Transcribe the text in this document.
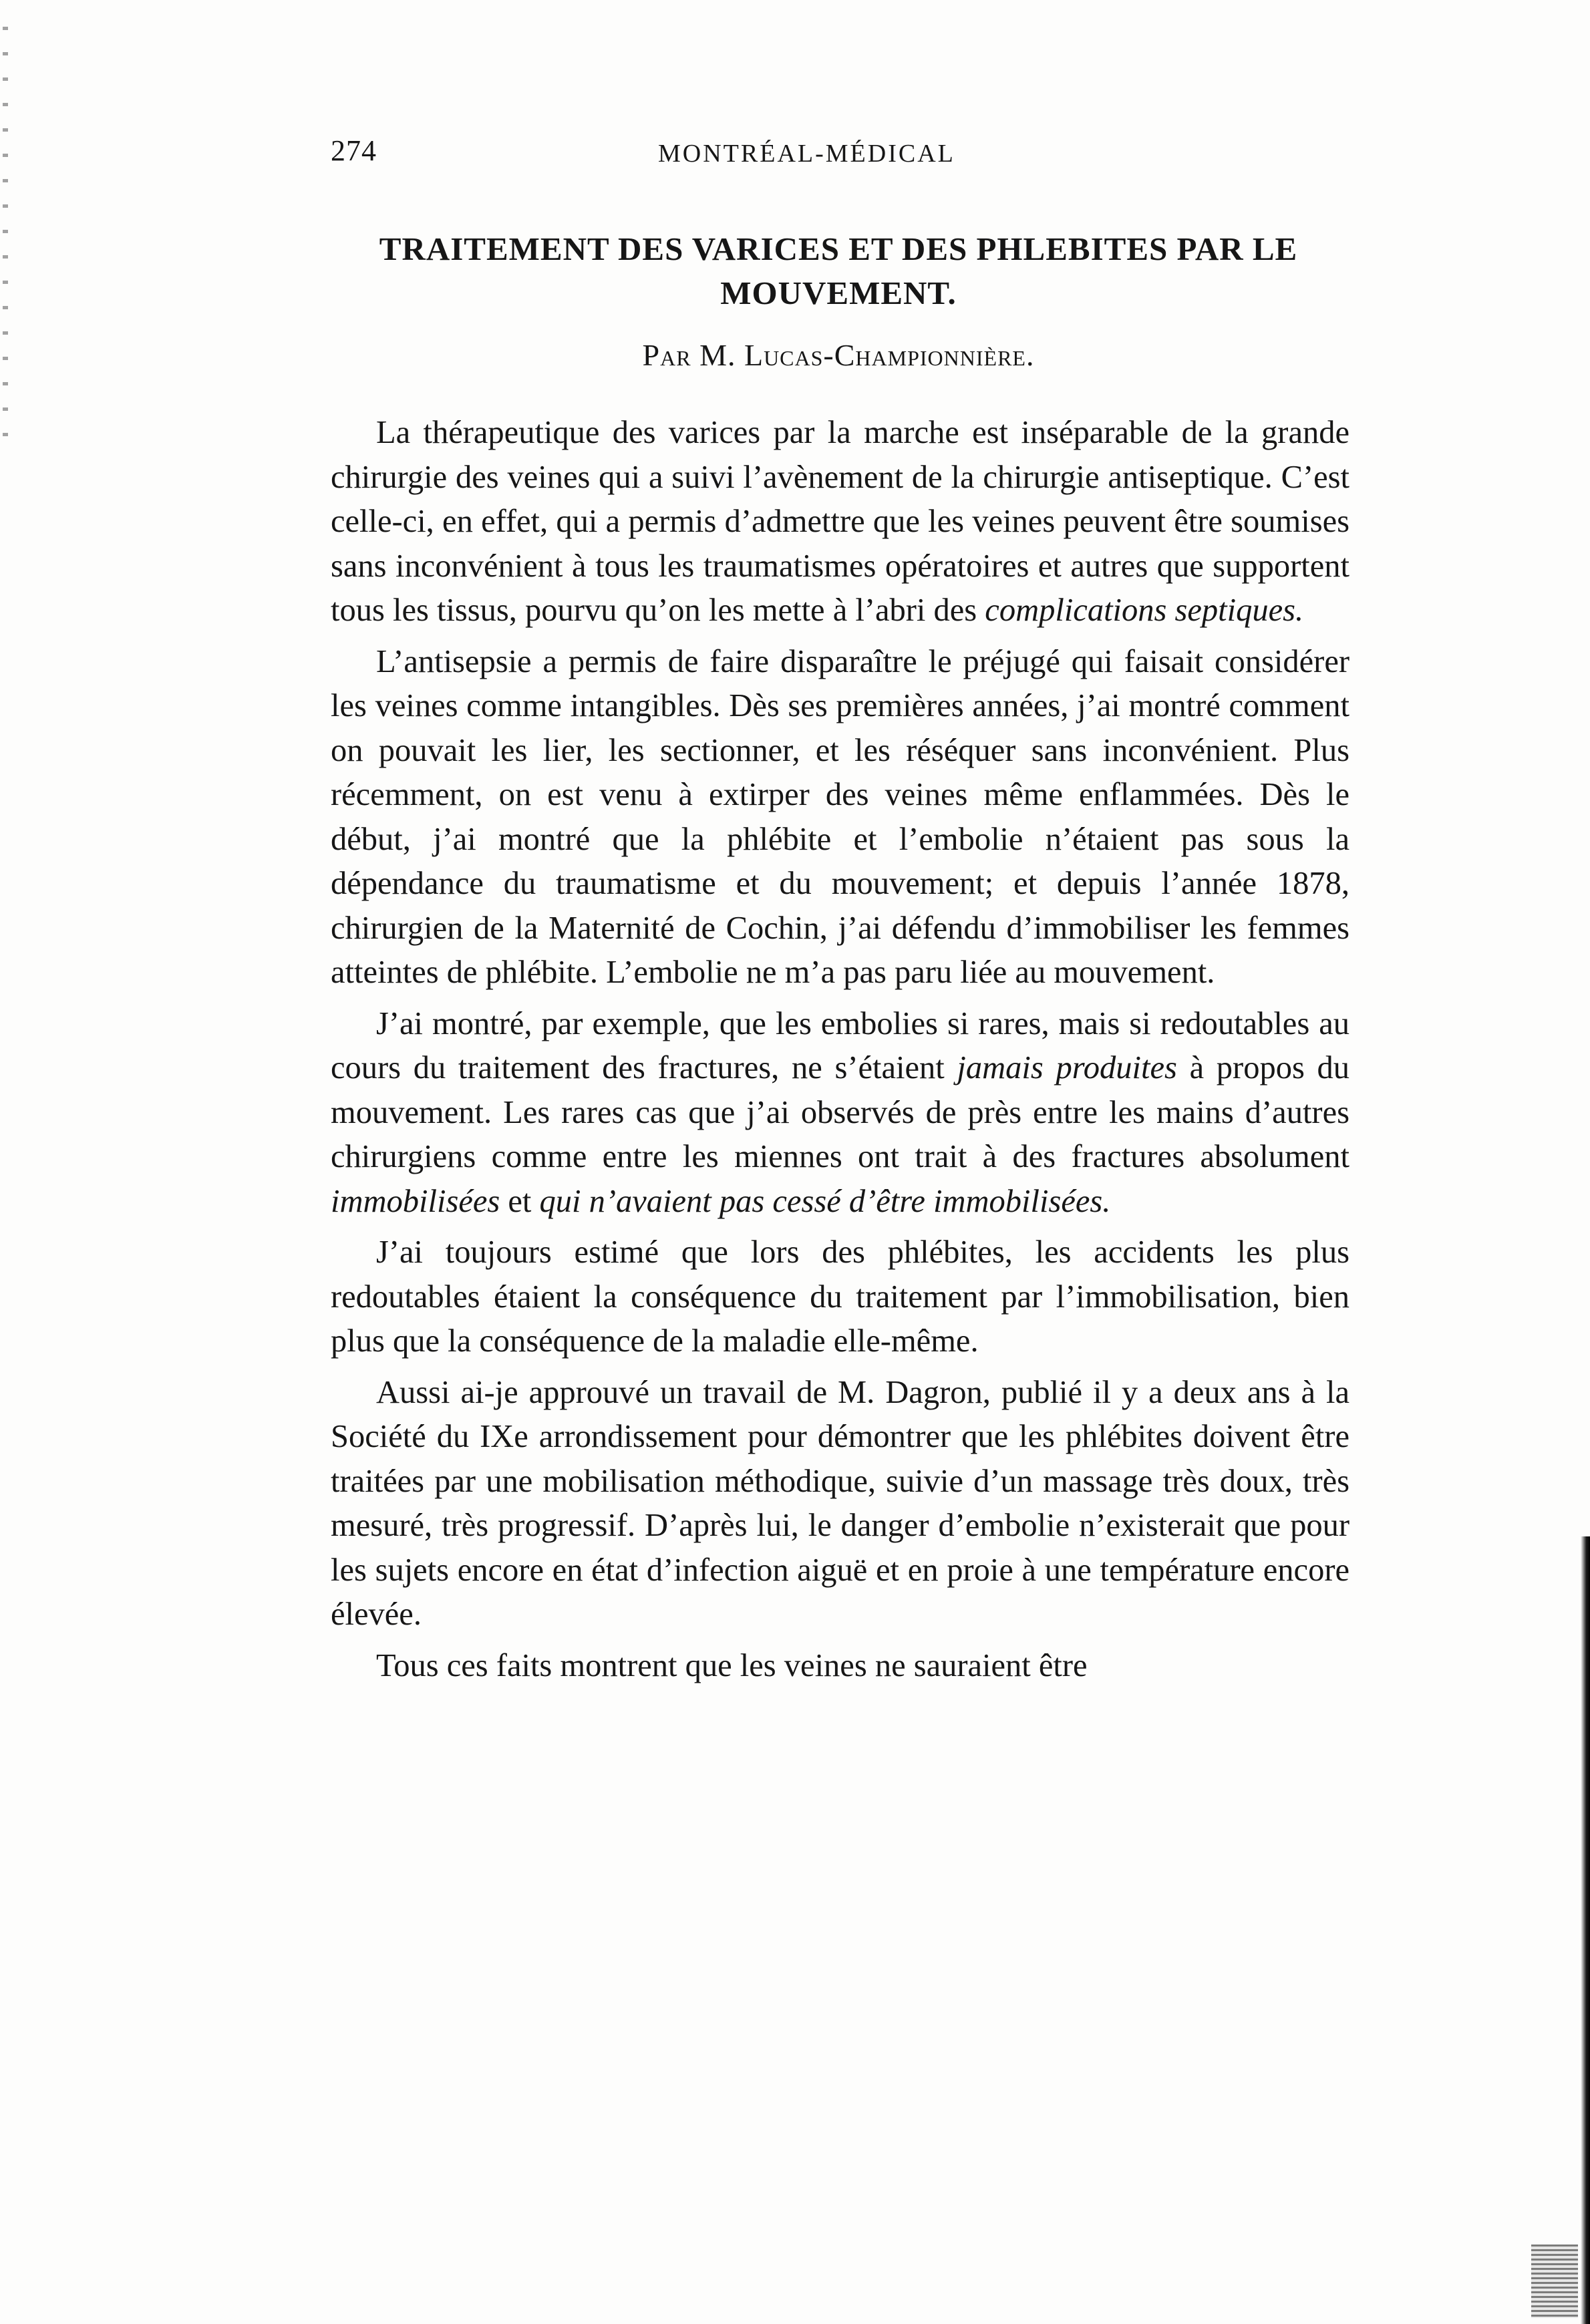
274	MONTRÉAL-MÉDICAL
TRAITEMENT DES VARICES ET DES PHLEBITES PAR LE MOUVEMENT.
Par M. Lucas-Championnière.

La thérapeutique des varices par la marche est inséparable de la grande chirurgie des veines qui a suivi l’avènement de la chirurgie antiseptique. C’est celle-ci, en effet, qui a permis d’admettre que les veines peuvent être soumises sans inconvénient à tous les traumatismes opératoires et autres que supportent tous les tissus, pourvu qu’on les mette à l’abri des complications septiques.

L’antisepsie a permis de faire disparaître le préjugé qui faisait considérer les veines comme intangibles. Dès ses premières années, j’ai montré comment on pouvait les lier, les sectionner, et les réséquer sans inconvénient. Plus récemment, on est venu à extirper des veines même enflammées. Dès le début, j’ai montré que la phlébite et l’embolie n’étaient pas sous la dépendance du traumatisme et du mouvement; et depuis l’année 1878, chirurgien de la Maternité de Cochin, j’ai défendu d’immobiliser les femmes atteintes de phlébite. L’embolie ne m’a pas paru liée au mouvement.

J’ai montré, par exemple, que les embolies si rares, mais si redoutables au cours du traitement des fractures, ne s’étaient jamais produites à propos du mouvement. Les rares cas que j’ai observés de près entre les mains d’autres chirurgiens comme entre les miennes ont trait à des fractures absolument immobilisées et qui n’avaient pas cessé d’être immobilisées.

J’ai toujours estimé que lors des phlébites, les accidents les plus redoutables étaient la conséquence du traitement par l’immobilisation, bien plus que la conséquence de la maladie elle-même.

Aussi ai-je approuvé un travail de M. Dagron, publié il y a deux ans à la Société du IXe arrondissement pour démontrer que les phlébites doivent être traitées par une mobilisation méthodique, suivie d’un massage très doux, très mesuré, très progressif. D’après lui, le danger d’embolie n’existerait que pour les sujets encore en état d’infection aiguë et en proie à une température encore élevée.

Tous ces faits montrent que les veines ne sauraient être
